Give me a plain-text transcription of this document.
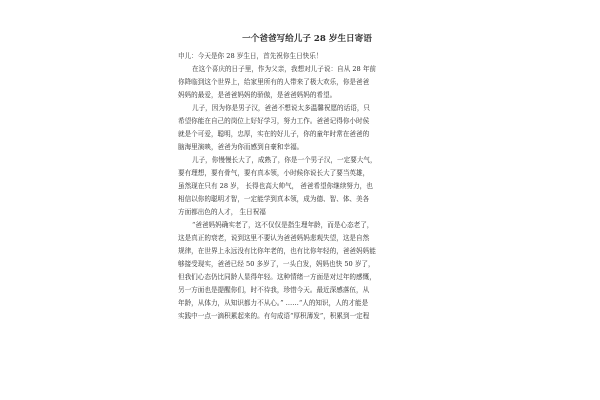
一个爸爸写给儿子 28 岁生日寄语
申儿：今天是你 28 岁生日，首先祝你生日快乐！
在这个喜庆的日子里，作为父亲，我想对儿子说：自从 28 年前
你降临到这个世界上，给家里所有的人带来了极大欢乐，你是爸爸
妈妈的最爱，是爸爸妈妈的骄傲，是爸爸妈妈的希望。
儿子，因为你是男子汉，爸爸不想说太多温馨祝愿的话语，只
希望你能在自己的岗位上好好学习，努力工作。爸爸记得你小时侯
就是个可爱，聪明，忠厚，实在的好儿子，你的童年时常在爸爸的
脑海里演映，爸爸为你而感到自豪和幸福。
儿子，你慢慢长大了，成熟了，你是一个男子汉，一定要大气，
要有理想，要有骨气，要有真本领，小时候你说长大了要当英雄，
虽然现在只有 28 岁， 长得也高大帅气， 爸爸希望你继续努力，也
相信以你的聪明才智，一定能学到真本领，成为德、智、体、美各
方面都出色的人才， 生日祝福
“爸爸妈妈确实老了，这不仅仅是指生理年龄，而是心态老了，
这是真正的衰老，说到这里不要认为爸爸妈妈悲观失望，这是自然
规律，在世界上永远没有比你年老的，也有比你年轻的，爸爸妈妈能
够接受现实，爸爸已经 50 多岁了，一头白发，妈妈也快 50 岁了，
但我们心态仍比同龄人显得年轻。这种情绪一方面是对过年的感慨，
另一方面也是提醒你们，时不待我，珍惜今天。最近深感落伍，从
年龄，从体力，从知识都力不从心。” ……“人的知识，人的才能是
实践中一点一滴积累起来的。有句成语“厚积薄发”，积累到一定程
